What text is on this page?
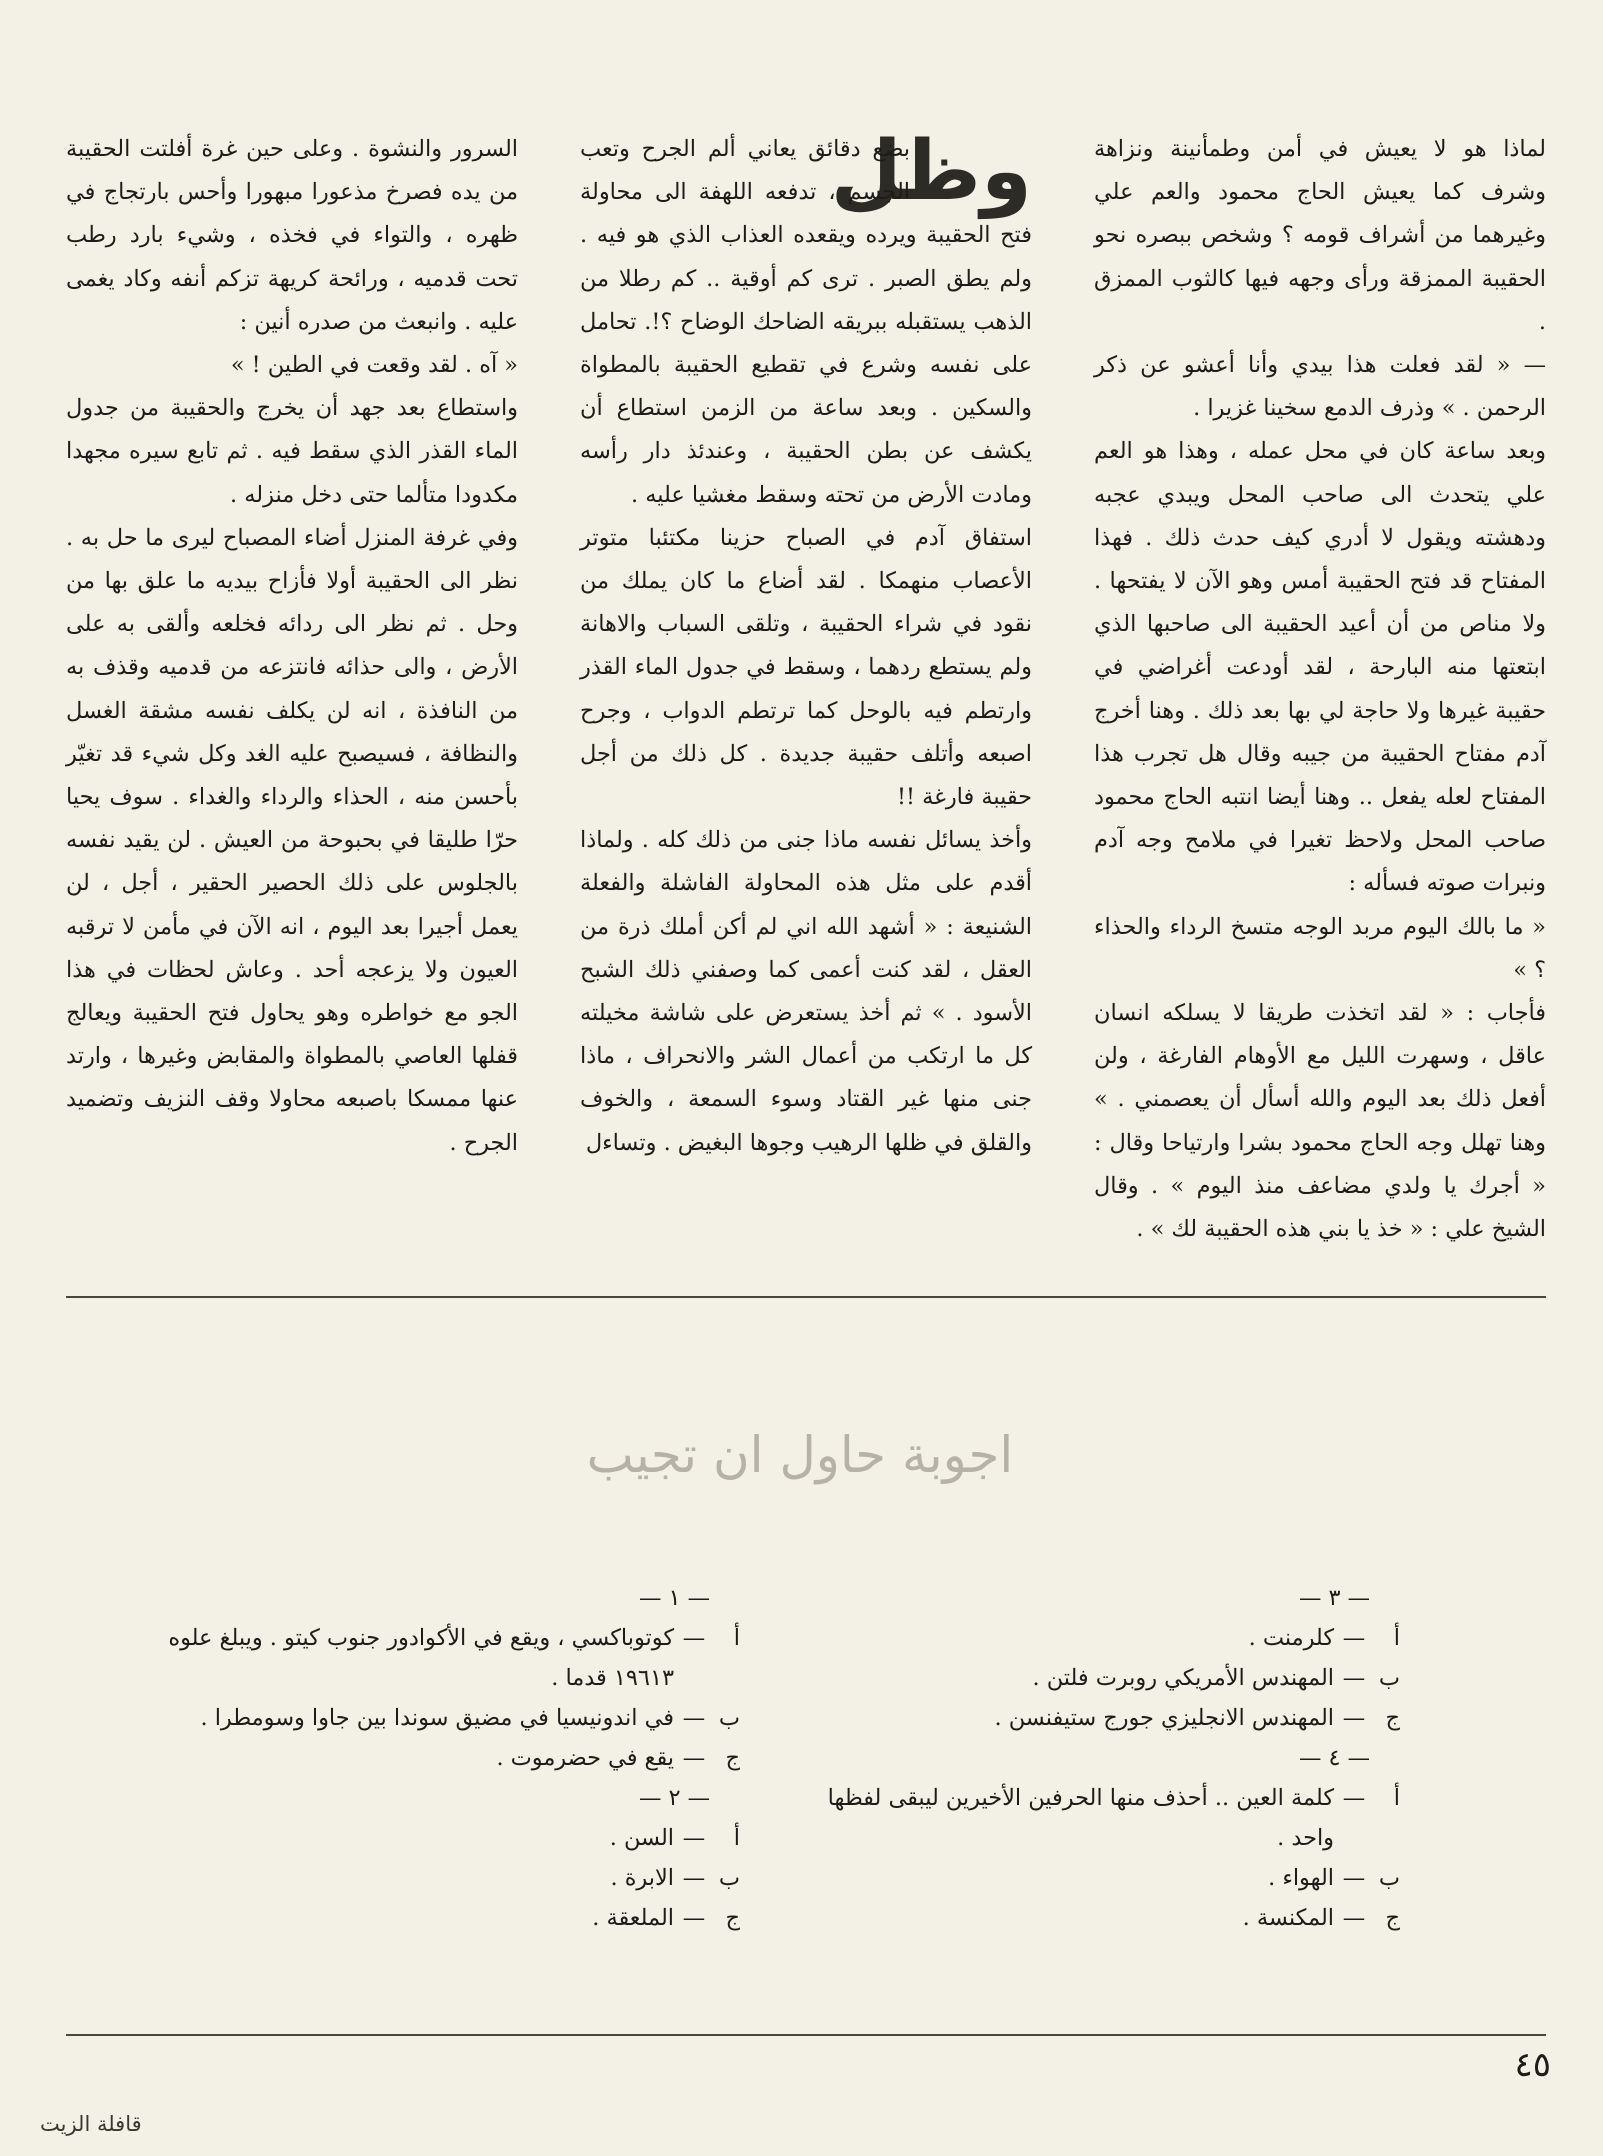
السرور والنشوة . وعلى حين غرة أفلتت الحقيبة من يده فصرخ مذعورا مبهورا وأحس بارتجاج في ظهره ، والتواء في فخذه ، وشيء بارد رطب تحت قدميه ، ورائحة كريهة تزكم أنفه وكاد يغمى عليه . وانبعث من صدره أنين :

« آه . لقد وقعت في الطين ! »

واستطاع بعد جهد أن يخرج والحقيبة من جدول الماء القذر الذي سقط فيه . ثم تابع سيره مجهدا مكدودا متألما حتى دخل منزله .

وفي غرفة المنزل أضاء المصباح ليرى ما حل به . نظر الى الحقيبة أولا فأزاح بيديه ما علق بها من وحل . ثم نظر الى ردائه فخلعه وألقى به على الأرض ، والى حذائه فانتزعه من قدميه وقذف به من النافذة ، انه لن يكلف نفسه مشقة الغسل والنظافة ، فسيصبح عليه الغد وكل شيء قد تغيّر بأحسن منه ، الحذاء والرداء والغداء . سوف يحيا حرّا طليقا في بحبوحة من العيش . لن يقيد نفسه بالجلوس على ذلك الحصير الحقير ، أجل ، لن يعمل أجيرا بعد اليوم ، انه الآن في مأمن لا ترقبه العيون ولا يزعجه أحد . وعاش لحظات في هذا الجو مع خواطره وهو يحاول فتح الحقيبة ويعالج قفلها العاصي بالمطواة والمقابض وغيرها ، وارتد عنها ممسكا باصبعه محاولا وقف النزيف وتضميد الجرح .

وظل

بضع دقائق يعاني ألم الجرح وتعب الجسم ، تدفعه اللهفة الى محاولة فتح الحقيبة ويرده ويقعده العذاب الذي هو فيه . ولم يطق الصبر . ترى كم أوقية .. كم رطلا من الذهب يستقبله ببريقه الضاحك الوضاح ؟!. تحامل على نفسه وشرع في تقطيع الحقيبة بالمطواة والسكين . وبعد ساعة من الزمن استطاع أن يكشف عن بطن الحقيبة ، وعندئذ دار رأسه ومادت الأرض من تحته وسقط مغشيا عليه .

استفاق آدم في الصباح حزينا مكتئبا متوتر الأعصاب منهمكا . لقد أضاع ما كان يملك من نقود في شراء الحقيبة ، وتلقى السباب والاهانة ولم يستطع ردهما ، وسقط في جدول الماء القذر وارتطم فيه بالوحل كما ترتطم الدواب ، وجرح اصبعه وأتلف حقيبة جديدة . كل ذلك من أجل حقيبة فارغة !!

وأخذ يسائل نفسه ماذا جنى من ذلك كله . ولماذا أقدم على مثل هذه المحاولة الفاشلة والفعلة الشنيعة : « أشهد الله اني لم أكن أملك ذرة من العقل ، لقد كنت أعمى كما وصفني ذلك الشبح الأسود . » ثم أخذ يستعرض على شاشة مخيلته كل ما ارتكب من أعمال الشر والانحراف ، ماذا جنى منها غير القتاد وسوء السمعة ، والخوف والقلق في ظلها الرهيب وجوها البغيض . وتساءل

لماذا هو لا يعيش في أمن وطمأنينة ونزاهة وشرف كما يعيش الحاج محمود والعم علي وغيرهما من أشراف قومه ؟ وشخص ببصره نحو الحقيبة الممزقة ورأى وجهه فيها كالثوب الممزق .

— « لقد فعلت هذا بيدي وأنا أعشو عن ذكر الرحمن . » وذرف الدمع سخينا غزيرا .

وبعد ساعة كان في محل عمله ، وهذا هو العم علي يتحدث الى صاحب المحل ويبدي عجبه ودهشته ويقول لا أدري كيف حدث ذلك . فهذا المفتاح قد فتح الحقيبة أمس وهو الآن لا يفتحها . ولا مناص من أن أعيد الحقيبة الى صاحبها الذي ابتعتها منه البارحة ، لقد أودعت أغراضي في حقيبة غيرها ولا حاجة لي بها بعد ذلك . وهنا أخرج آدم مفتاح الحقيبة من جيبه وقال هل تجرب هذا المفتاح لعله يفعل .. وهنا أيضا انتبه الحاج محمود صاحب المحل ولاحظ تغيرا في ملامح وجه آدم ونبرات صوته فسأله :

« ما بالك اليوم مربد الوجه متسخ الرداء والحذاء ؟ »

فأجاب : « لقد اتخذت طريقا لا يسلكه انسان عاقل ، وسهرت الليل مع الأوهام الفارغة ، ولن أفعل ذلك بعد اليوم والله أسأل أن يعصمني . » وهنا تهلل وجه الحاج محمود بشرا وارتياحا وقال : « أجرك يا ولدي مضاعف منذ اليوم » . وقال الشيخ علي : « خذ يا بني هذه الحقيبة لك » .

اجوبة حاول ان تجيب
— ١ —
أ
—
كوتوباكسي ، ويقع في الأكوادور جنوب كيتو . ويبلغ علوه ١٩٦١٣ قدما .
ب
—
في اندونيسيا في مضيق سوندا بين جاوا وسومطرا .
ج
—
يقع في حضرموت .
— ٢ —
أ
—
السن .
ب
—
الابرة .
ج
—
الملعقة .
— ٣ —
أ
—
كلرمنت .
ب
—
المهندس الأمريكي روبرت فلتن .
ج
—
المهندس الانجليزي جورج ستيفنسن .
— ٤ —
أ
—
كلمة العين .. أحذف منها الحرفين الأخيرين ليبقى لفظها واحد .
ب
—
الهواء .
ج
—
المكنسة .
٤٥
قافلة الزيت
